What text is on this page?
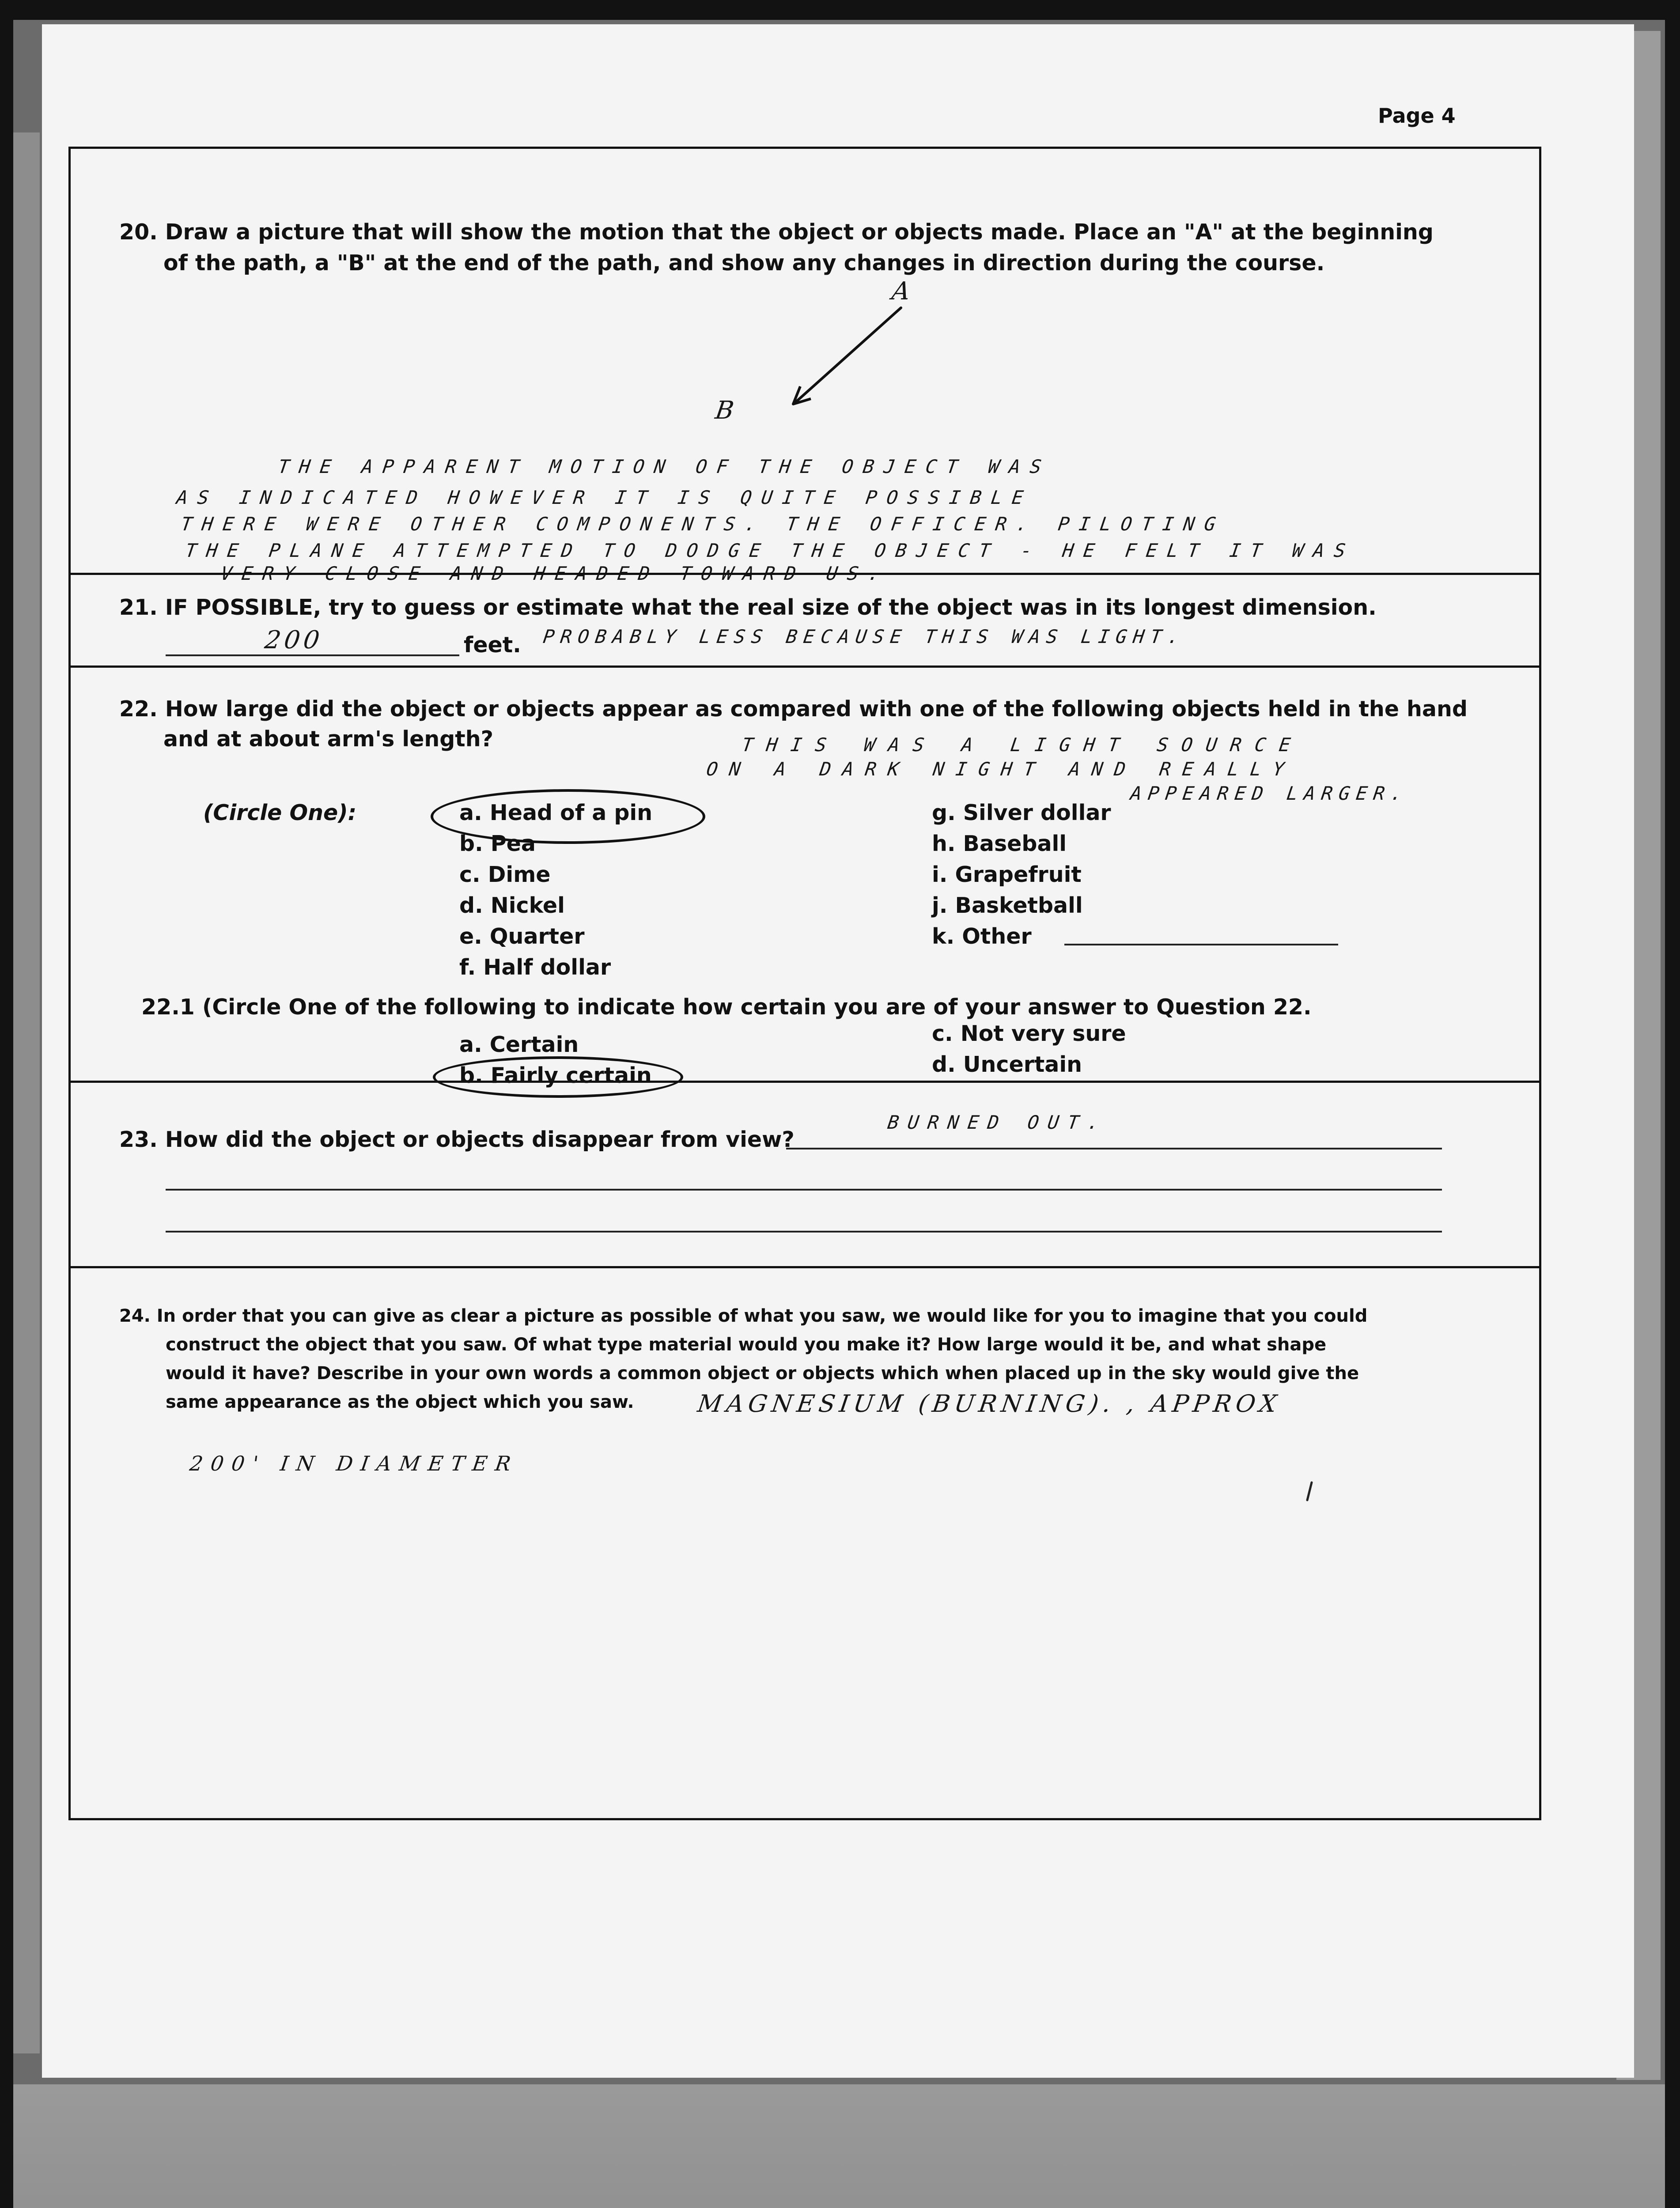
Page 4
20. Draw a picture that will show the motion that the object or objects made. Place an "A" at the beginning
of the path, a "B" at the end of the path, and show any changes in direction during the course.
A
B
THE APPARENT MOTION OF THE OBJECT WAS
AS INDICATED HOWEVER IT IS QUITE POSSIBLE
THERE WERE OTHER COMPONENTS. THE OFFICER. PILOTING
THE PLANE ATTEMPTED TO DODGE THE OBJECT - HE FELT IT WAS
VERY CLOSE AND HEADED TOWARD US.
21. IF POSSIBLE, try to guess or estimate what the real size of the object was in its longest dimension.
200	feet. PROBABLY LESS BECAUSE THIS WAS LIGHT.
22. How large did the object or objects appear as compared with one of the following objects held in the hand
and at about arm's length?	THIS WAS A LIGHT SOURCE
ON A DARK NIGHT AND REALLY
APPEARED LARGER.
(Circle One):	a. Head of a pin
b. Pea
c. Dime
d. Nickel
e. Quarter
f. Half dollar
g. Silver dollar
h. Baseball
i. Grapefruit
j. Basketball
k. Other
22.1 (Circle One of the following to indicate how certain you are of your answer to Question 22.
a. Certain
b. Fairly certain
c. Not very sure
d. Uncertain
23. How did the object or objects disappear from view?
BURNED OUT.
24. In order that you can give as clear a picture as possible of what you saw, we would like for you to imagine that you could
construct the object that you saw. Of what type material would you make it? How large would it be, and what shape
would it have? Describe in your own words a common object or objects which when placed up in the sky would give the
same appearance as the object which you saw.	MAGNESIUM (BURNING). , APPROX
200' IN DIAMETER
